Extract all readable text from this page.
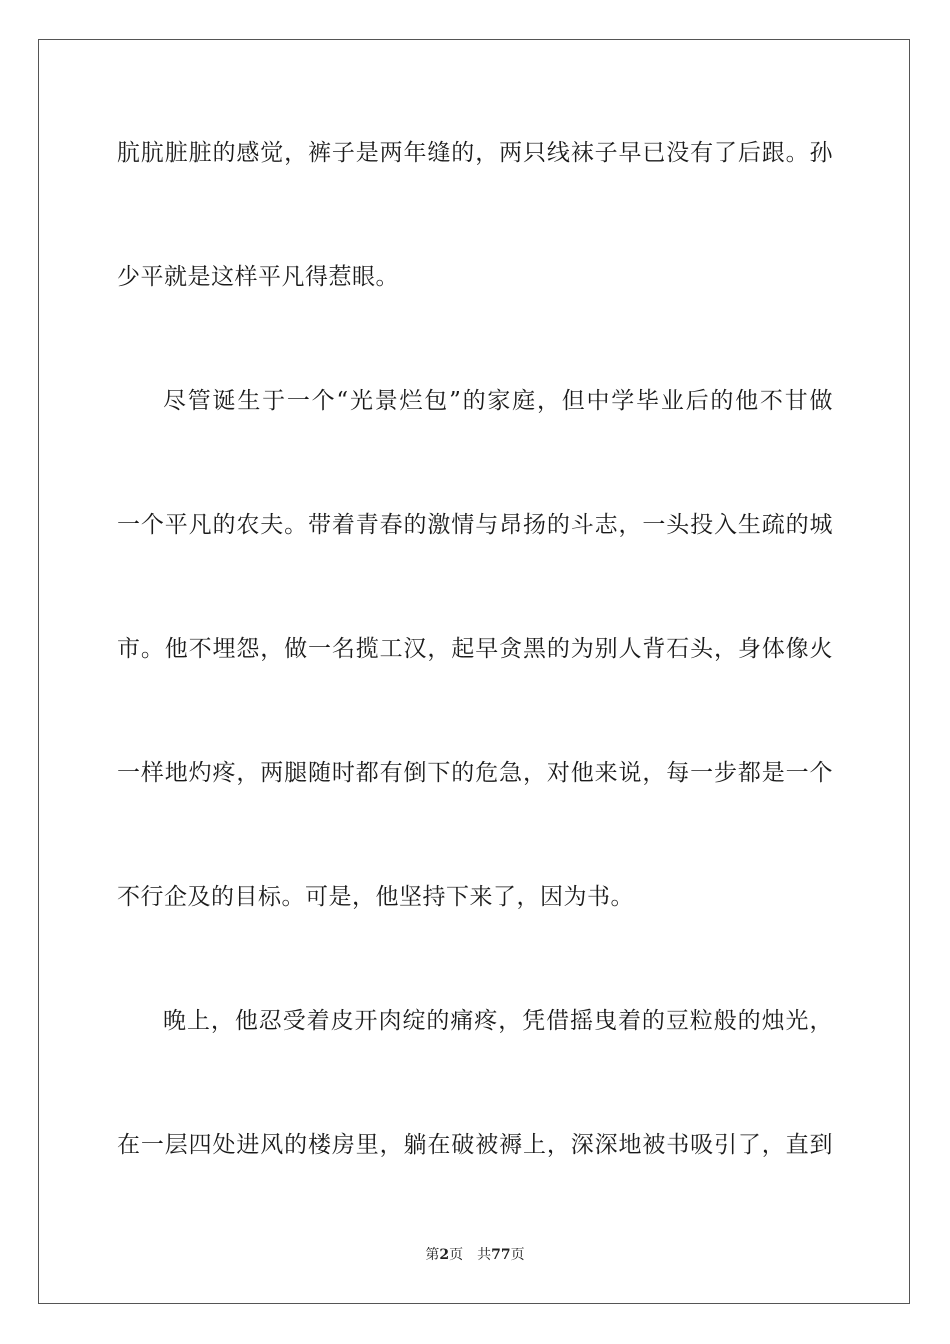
肮肮脏脏的感觉，裤子是两年缝的，两只线袜子早已没有了后跟。孙

少平就是这样平凡得惹眼。

尽管诞生于一个“光景烂包”的家庭，但中学毕业后的他不甘做

一个平凡的农夫。带着青春的激情与昂扬的斗志，一头投入生疏的城

市。他不埋怨，做一名揽工汉，起早贪黑的为别人背石头，身体像火

一样地灼疼，两腿随时都有倒下的危急，对他来说，每一步都是一个

不行企及的目标。可是，他坚持下来了，因为书。

晚上，他忍受着皮开肉绽的痛疼，凭借摇曳着的豆粒般的烛光，

在一层四处进风的楼房里，躺在破被褥上，深深地被书吸引了，直到

第2页 共77页
